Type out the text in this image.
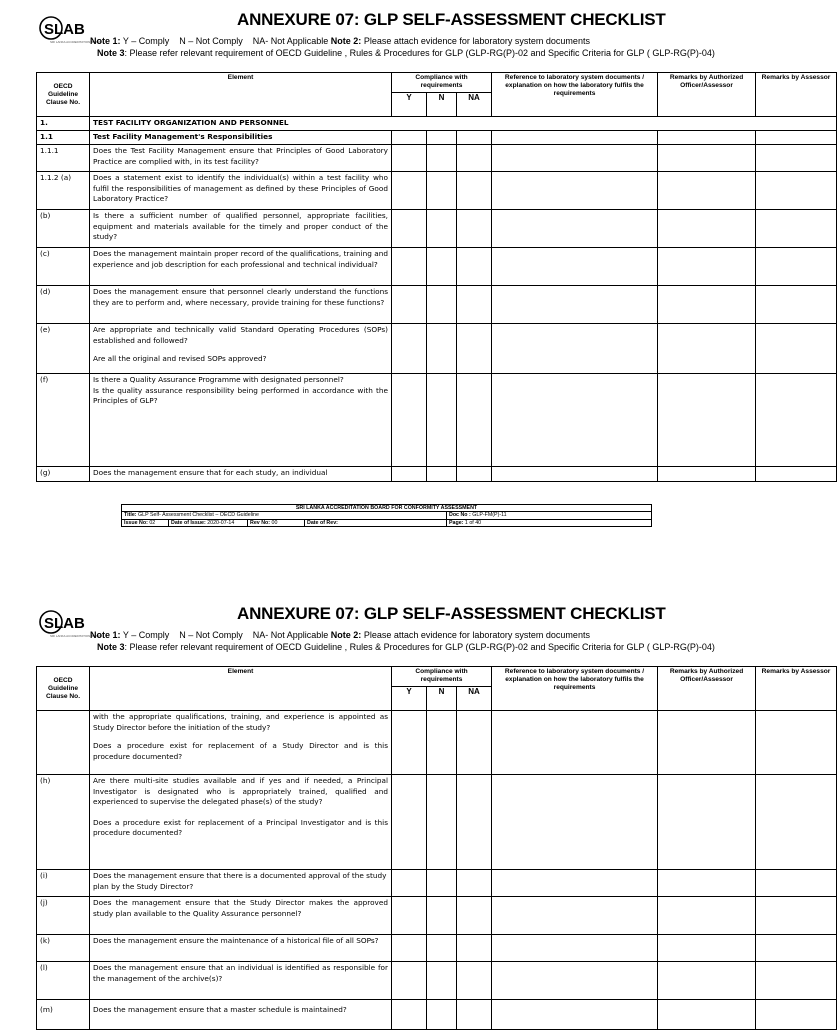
SLAB
SRI LANKA ACCREDITATION BOARD
ANNEXURE 07: GLP SELF-ASSESSMENT CHECKLIST
Note 1: Y – Comply    N – Not Comply    NA- Not Applicable Note 2: Please attach evidence for laboratory system documents
Note 3: Please refer relevant requirement of OECD Guideline , Rules & Procedures for GLP (GLP-RG(P)-02 and Specific Criteria for GLP ( GLP-RG(P)-04)
OECD Guideline Clause No.	Element	Compliance with requirements			Reference to laboratory system documents / explanation on how the laboratory fulfils the requirements	Remarks by Authorized Officer/Assessor	Remarks by Assessor
		Y	N	NA			
1.	TEST FACILITY ORGANIZATION AND PERSONNEL						
1.1	Test Facility Management's Responsibilities						
1.1.1	Does the Test Facility Management ensure that Principles of Good Laboratory Practice are complied with, in its test facility?						
1.1.2 (a)	Does a statement exist to identify the individual(s) within a test facility who fulfil the responsibilities of management as defined by these Principles of Good Laboratory Practice?						
(b)	Is there a sufficient number of qualified personnel, appropriate facilities, equipment and materials available for the timely and proper conduct of the study?						
(c)	Does the management maintain proper record of the qualifications, training and experience and job description for each professional and technical individual?						
(d)	Does the management ensure that personnel clearly understand the functions they are to perform and, where necessary, provide training for these functions?						
(e)	Are appropriate and technically valid Standard Operating Procedures (SOPs) established and followed?

Are all the original and revised SOPs approved?						

(f)	Is there a Quality Assurance Programme with designated personnel?

Is the quality assurance responsibility being performed in accordance with the Principles of GLP?						

(g)	Does the management ensure that for each study, an individual						
SRI LANKA ACCREDITATION BOARD FOR CONFORMITY ASSESSMENT				
Title: GLP Self- Assessment Checklist – OECD Guideline				Doc No : GLP-FM(P)-11
Issue No: 02	Date of Issue: 2020-07-14	Rev No: 00	Date of Rev:	Page: 1 of 40
SLAB
SRI LANKA ACCREDITATION BOARD
ANNEXURE 07: GLP SELF-ASSESSMENT CHECKLIST
Note 1: Y – Comply    N – Not Comply    NA- Not Applicable Note 2: Please attach evidence for laboratory system documents
Note 3: Please refer relevant requirement of OECD Guideline , Rules & Procedures for GLP (GLP-RG(P)-02 and Specific Criteria for GLP ( GLP-RG(P)-04)
OECD Guideline Clause No.	Element	Compliance with requirements			Reference to laboratory system documents / explanation on how the laboratory fulfils the requirements	Remarks by Authorized Officer/Assessor	Remarks by Assessor
		Y	N	NA			

	with the appropriate qualifications, training, and experience is appointed as Study Director before the initiation of the study?

Does a procedure exist for replacement of a Study Director and is this procedure documented?						

(h)	Are there multi-site studies available and if yes and if needed, a Principal Investigator is designated who is appropriately trained, qualified and experienced to supervise the delegated phase(s) of the study?

Does a procedure exist for replacement of a Principal Investigator and is this procedure documented?						

(i)	Does the management ensure that there is a documented approval of the study plan by the Study Director?						
(j)	Does the management ensure that the Study Director makes the approved study plan available to the Quality Assurance personnel?						
(k)	Does the management ensure the maintenance of a historical file of all SOPs?						
(l)	Does the management ensure that an individual is identified as responsible for the management of the archive(s)?						
(m)	Does the management ensure that a master schedule is maintained?						
